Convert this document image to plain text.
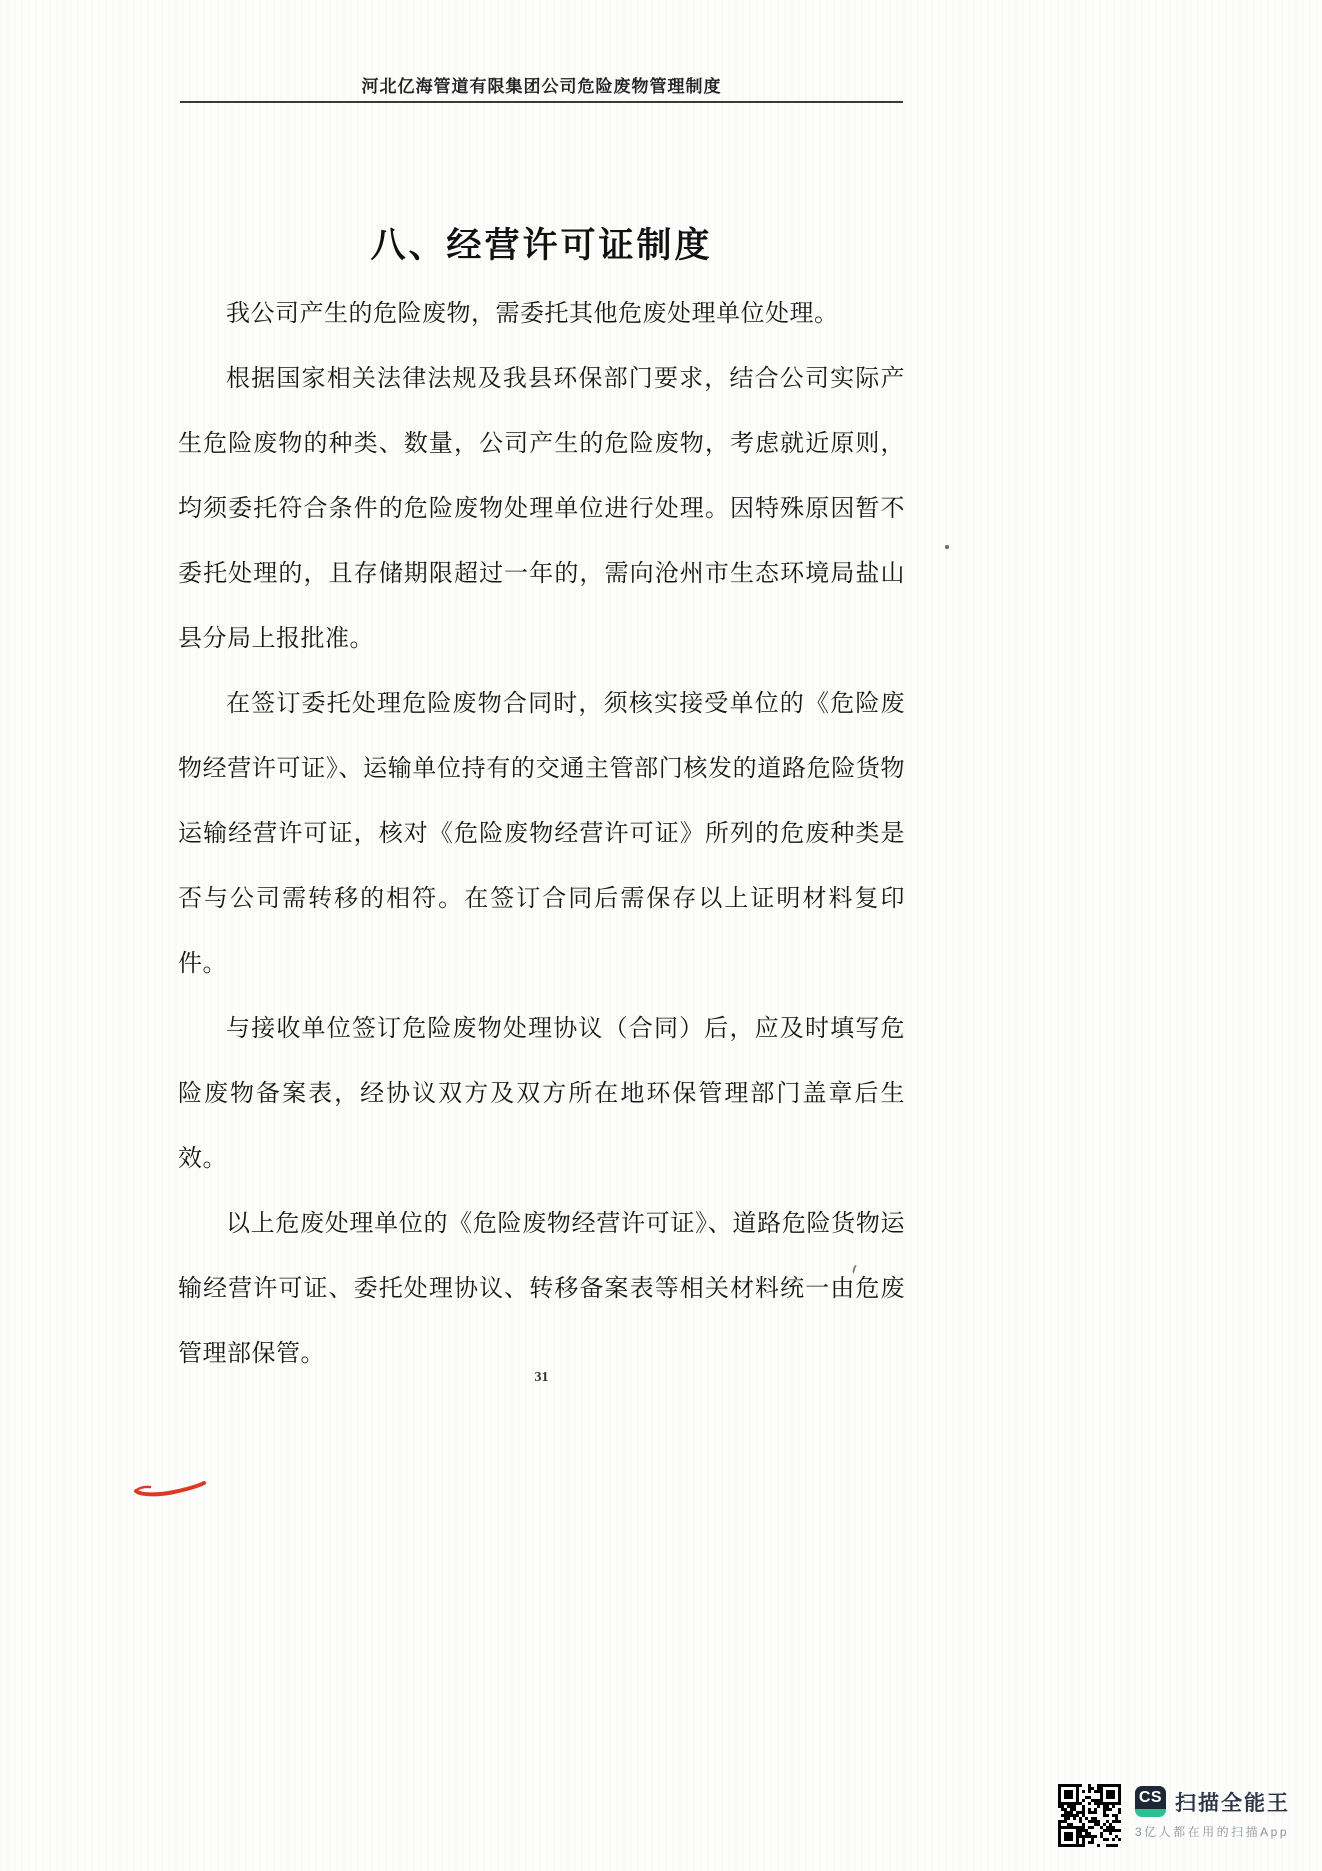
河北亿海管道有限集团公司危险废物管理制度
八、经营许可证制度

我公司产生的危险废物，需委托其他危废处理单位处理。

根据国家相关法律法规及我县环保部门要求，结合公司实际产生危险废物的种类、数量，公司产生的危险废物，考虑就近原则，均须委托符合条件的危险废物处理单位进行处理。因特殊原因暂不委托处理的，且存储期限超过一年的，需向沧州市生态环境局盐山县分局上报批准。

在签订委托处理危险废物合同时，须核实接受单位的《危险废物经营许可证》、运输单位持有的交通主管部门核发的道路危险货物运输经营许可证，核对《危险废物经营许可证》所列的危废种类是否与公司需转移的相符。在签订合同后需保存以上证明材料复印件。

与接收单位签订危险废物处理协议（合同）后，应及时填写危险废物备案表，经协议双方及双方所在地环保管理部门盖章后生效。

以上危废处理单位的《危险废物经营许可证》、道路危险货物运输经营许可证、委托处理协议、转移备案表等相关材料统一由危废管理部保管。

31
CS 扫描全能王
3亿人都在用的扫描App
